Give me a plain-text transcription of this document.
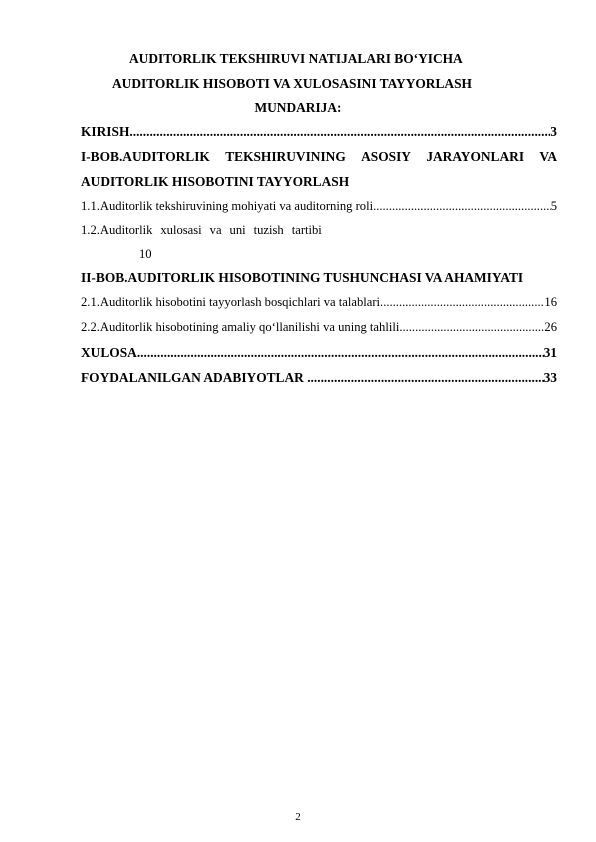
AUDITORLIK TEKSHIRUVI NATIJALARI BO‘YICHA
AUDITORLIK HISOBOTI VA XULOSASINI TAYYORLASH
MUNDARIJA:
KIRISH .....	3
I-BOB.AUDITORLIK TEKSHIRUVINING ASOSIY JARAYONLARI VA
AUDITORLIK HISOBOTINI TAYYORLASH
1.1.Auditorlik tekshiruvining mohiyati va auditorning roli .....	5
1.2.Auditorlik xulosasi va uni tuzish tartibi
10
II-BOB.AUDITORLIK HISOBOTINING TUSHUNCHASI VA AHAMIYATI
2.1.Auditorlik hisobotini tayyorlash bosqichlari va talablari .....	16
2.2.Auditorlik hisobotining amaliy qo‘llanilishi va uning tahlili .....	26
XULOSA .....	31
FOYDALANILGAN ADABIYOTLAR .....	33
2
